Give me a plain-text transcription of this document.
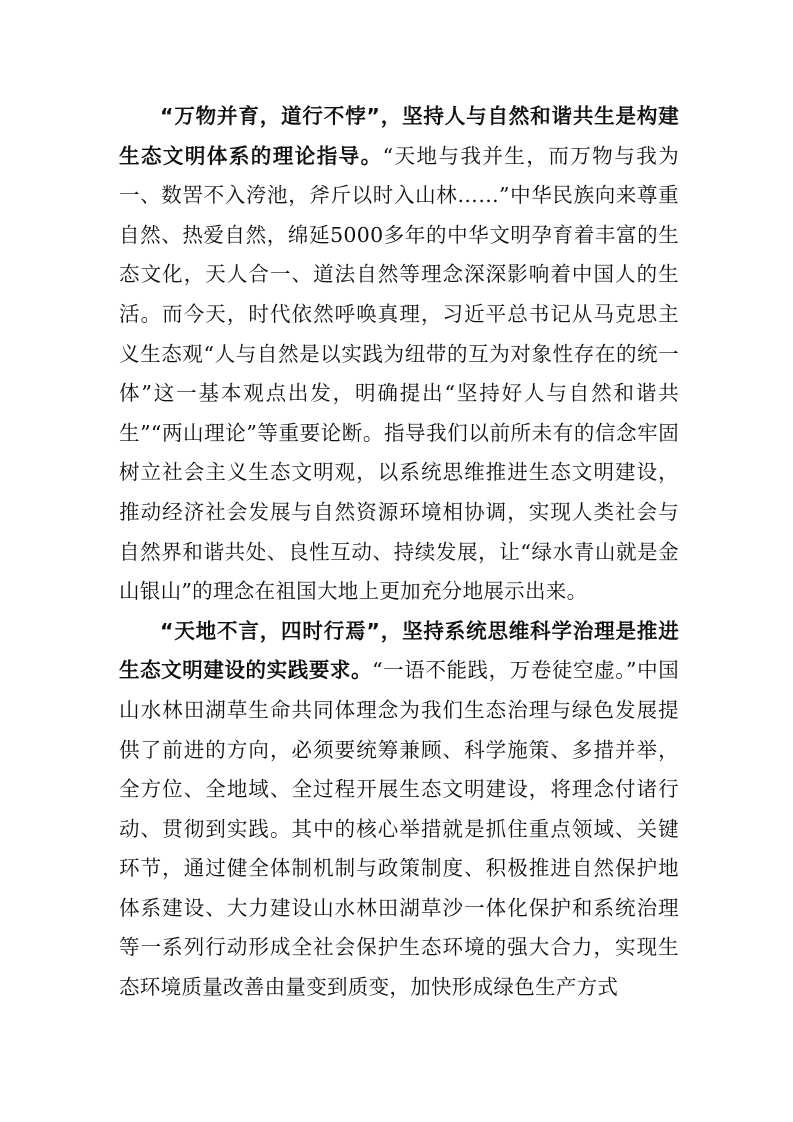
“万物并育，道行不悖”，坚持人与自然和谐共生是构建生态文明体系的理论指导。“天地与我并生，而万物与我为一、数罟不入洿池，斧斤以时入山林……”中华民族向来尊重自然、热爱自然，绵延5000多年的中华文明孕育着丰富的生态文化，天人合一、道法自然等理念深深影响着中国人的生活。而今天，时代依然呼唤真理，习近平总书记从马克思主义生态观“人与自然是以实践为纽带的互为对象性存在的统一体”这一基本观点出发，明确提出“坚持好人与自然和谐共生”“两山理论”等重要论断。指导我们以前所未有的信念牢固树立社会主义生态文明观，以系统思维推进生态文明建设，推动经济社会发展与自然资源环境相协调，实现人类社会与自然界和谐共处、良性互动、持续发展，让“绿水青山就是金山银山”的理念在祖国大地上更加充分地展示出来。

“天地不言，四时行焉”，坚持系统思维科学治理是推进生态文明建设的实践要求。“一语不能践，万卷徒空虚。”中国山水林田湖草生命共同体理念为我们生态治理与绿色发展提供了前进的方向，必须要统筹兼顾、科学施策、多措并举，全方位、全地域、全过程开展生态文明建设，将理念付诸行动、贯彻到实践。其中的核心举措就是抓住重点领域、关键环节，通过健全体制机制与政策制度、积极推进自然保护地体系建设、大力建设山水林田湖草沙一体化保护和系统治理等一系列行动形成全社会保护生态环境的强大合力，实现生态环境质量改善由量变到质变，加快形成绿色生产方式
